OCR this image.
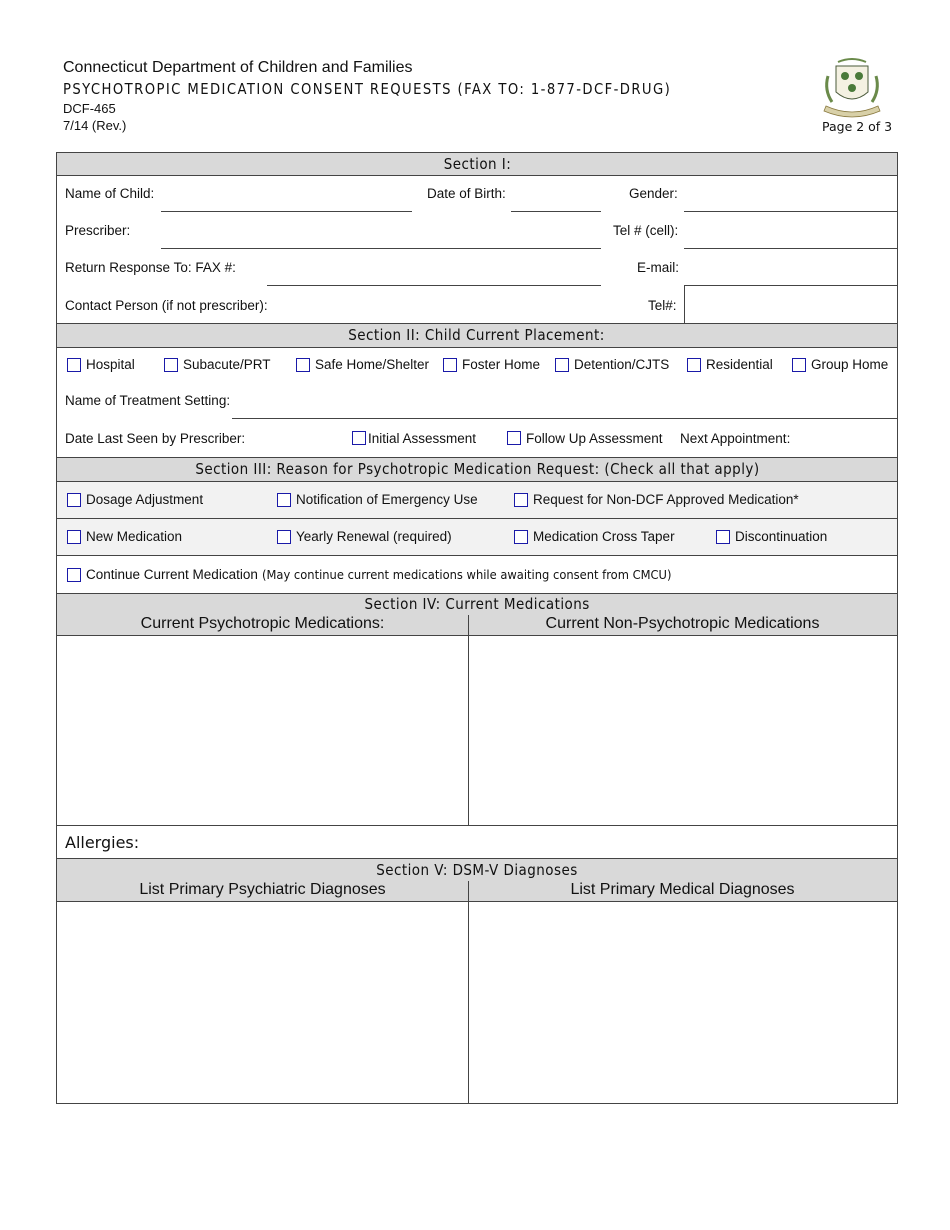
Connecticut Department of Children and Families
PSYCHOTROPIC MEDICATION CONSENT REQUESTS (FAX TO: 1-877-DCF-DRUG)
DCF-465
7/14 (Rev.)	Page 2 of 3
Section I:
Name of Child:	Date of Birth:	Gender:
Prescriber:	Tel # (cell):
Return Response To: FAX #:	E-mail:
Contact Person (if not prescriber):	Tel#:
Section II: Child Current Placement:
Hospital	Subacute/PRT	Safe Home/Shelter Foster Home	Detention/CJTS	Residential	Group Home
Name of Treatment Setting:
Date Last Seen by Prescriber:	Initial Assessment	Follow Up Assessment Next Appointment:
Section III: Reason for Psychotropic Medication Request: (Check all that apply)
Dosage Adjustment	Notification of Emergency Use	Request for Non-DCF Approved Medication*
New Medication	Yearly Renewal (required)	Medication Cross Taper	Discontinuation
Continue Current Medication (May continue current medications while awaiting consent from CMCU)
Section IV: Current Medications
Current Psychotropic Medications:	Current Non-Psychotropic Medications
Allergies:
Section V: DSM-V Diagnoses
List Primary Psychiatric Diagnoses	List Primary Medical Diagnoses
